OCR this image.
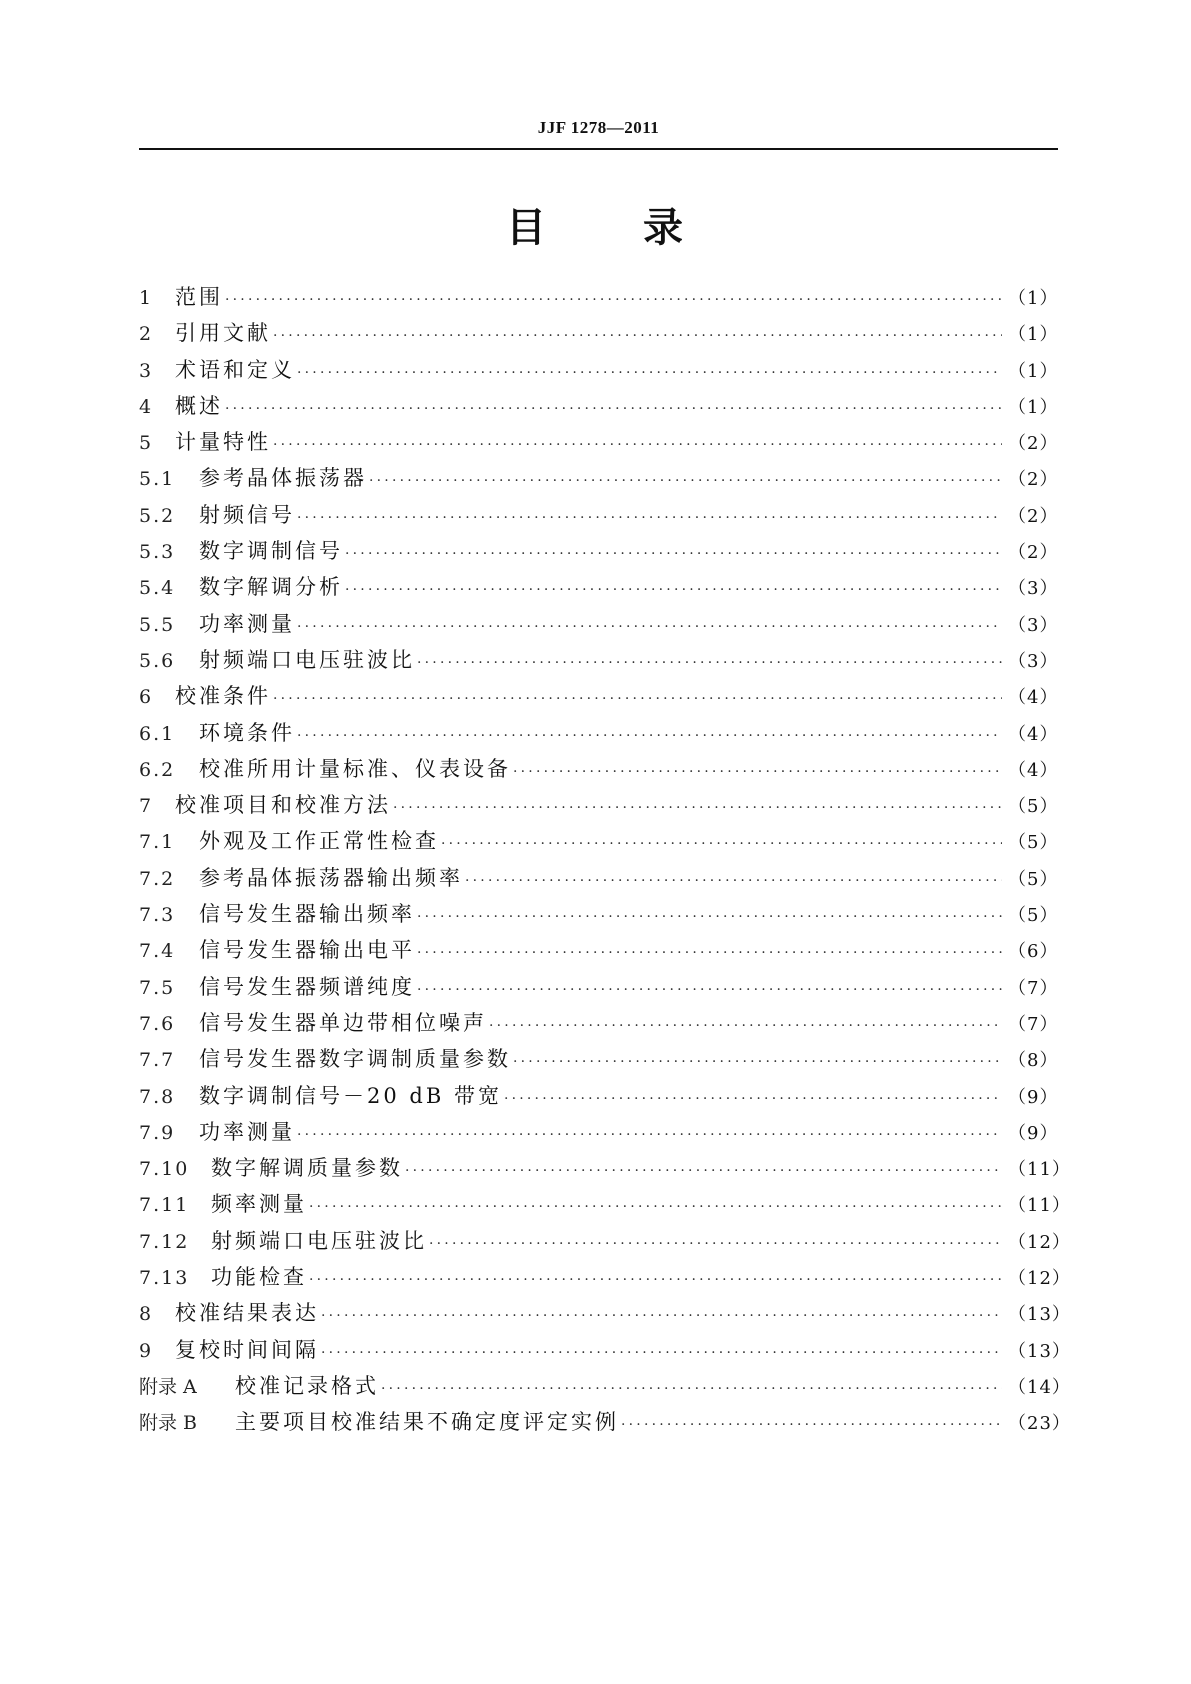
JJF 1278—2011
目 录
1	范围 ·····	（1）
2	引用文献 ·····	（1）
3	术语和定义 ·····	（1）
4	概述 ·····	（1）
5	计量特性 ·····	（2）
5.1	参考晶体振荡器 ·····	（2）
5.2	射频信号 ·····	（2）
5.3	数字调制信号 ·····	（2）
5.4	数字解调分析 ·····	（3）
5.5	功率测量 ·····	（3）
5.6	射频端口电压驻波比 ·····	（3）
6	校准条件 ·····	（4）
6.1	环境条件 ·····	（4）
6.2	校准所用计量标准、仪表设备 ·····	（4）
7	校准项目和校准方法 ·····	（5）
7.1	外观及工作正常性检查 ·····	（5）
7.2	参考晶体振荡器输出频率 ·····	（5）
7.3	信号发生器输出频率 ·····	（5）
7.4	信号发生器输出电平 ·····	（6）
7.5	信号发生器频谱纯度 ·····	（7）
7.6	信号发生器单边带相位噪声 ·····	（7）
7.7	信号发生器数字调制质量参数 ·····	（8）
7.8	数字调制信号－20 dB 带宽 ·····	（9）
7.9	功率测量 ·····	（9）
7.10	数字解调质量参数 ·····	（11）
7.11	频率测量 ·····	（11）
7.12	射频端口电压驻波比 ·····	（12）
7.13	功能检查 ·····	（12）
8	校准结果表达 ·····	（13）
9	复校时间间隔 ·····	（13）
附录 A	校准记录格式 ·····	（14）
附录 B	主要项目校准结果不确定度评定实例 ·····	（23）
